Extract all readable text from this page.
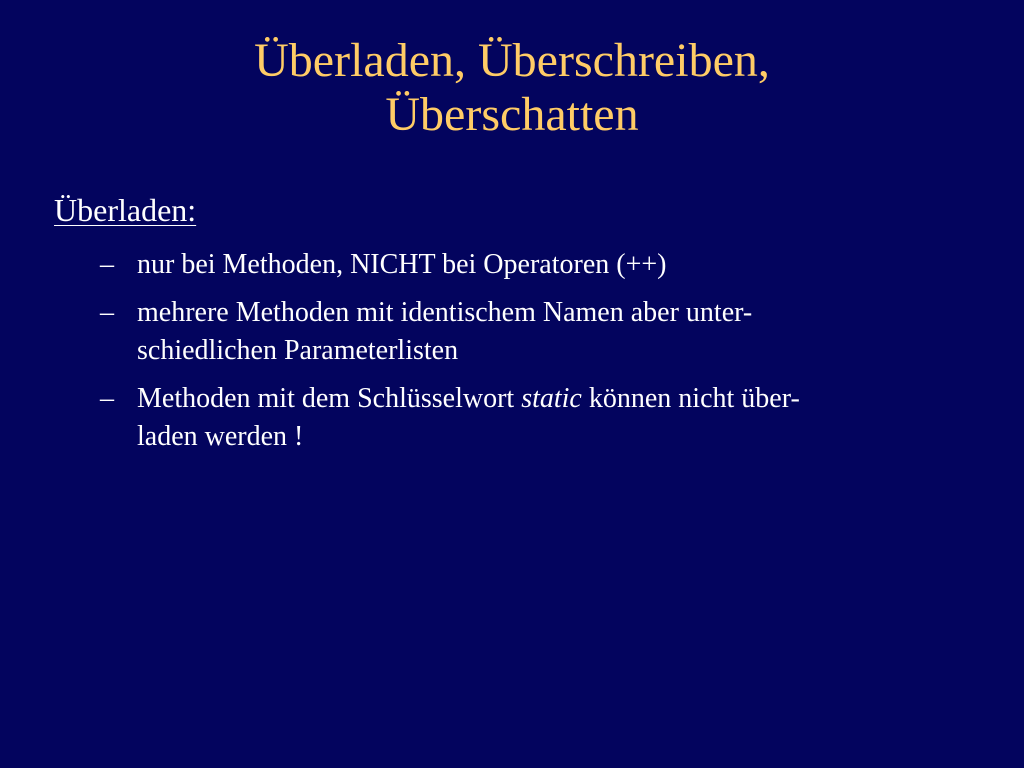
Überladen, Überschreiben,
Überschatten
Überladen:
– nur bei Methoden, NICHT bei Operatoren (++)
– mehrere Methoden mit identischem Namen aber unter-
schiedlichen Parameterlisten
– Methoden mit dem Schlüsselwort static können nicht über-
laden werden !
